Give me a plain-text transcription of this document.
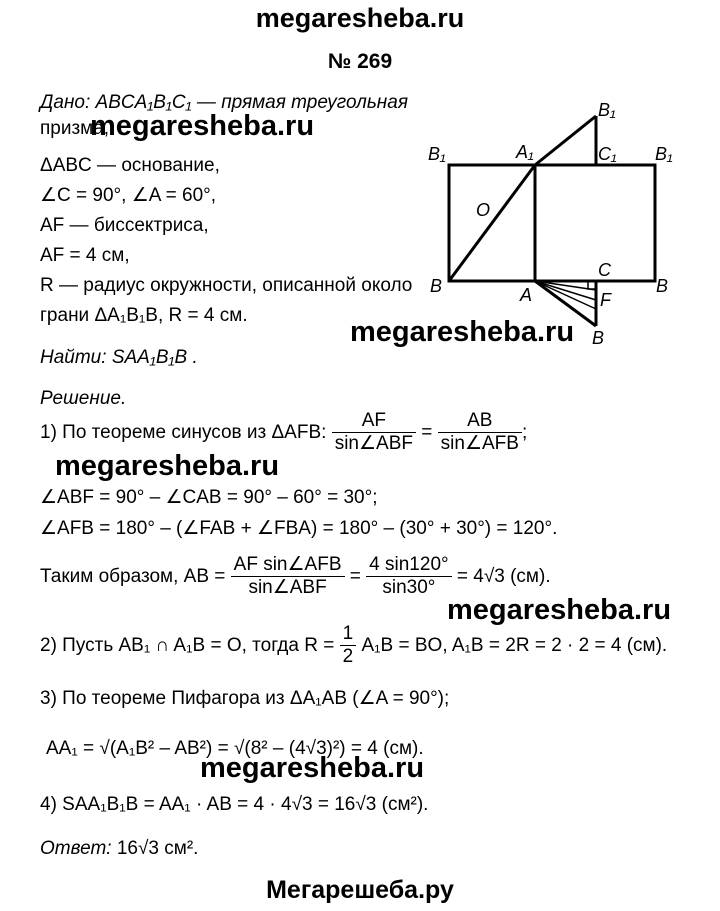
megaresheba.ru
№ 269
Дано: ABCA₁B₁C₁ — прямая треугольная
призма,
ΔABC — основание,
∠C = 90°, ∠A = 60°,
AF — биссектриса,
AF = 4 см,
R — радиус окружности, описанной около
грани ΔA₁B₁B, R = 4 см.
Найти: SAA₁B₁B .
Решение.
1) По теореме синусов из ΔAFB:
$\frac{AF}{\text{sin∠ABF}}$
=
$\frac{AB}{\text{sin∠AFB}}$ ;
∠ABF = 90° – ∠CAB = 90° – 60° = 30°;
∠AFB = 180° – (∠FAB + ∠FBA) = 180° – (30° + 30°) = 120°.
Таким образом, AB =
$\frac{\text{AF sin∠AFB}}{\text{sin∠ABF}}$
=
$\frac{4 \sin 120^\circ}{\sin 30^\circ}$
= 4√3 (см).
2) Пусть AB₁ ∩ A₁B = O, тогда R =
$\frac{1}{2}$
A₁B = BO, A₁B = 2R = 2 · 2 = 4 (см).
3) По теореме Пифагора из ΔA₁AB (∠A = 90°);
AA₁ = √(A₁B² – AB²) = √(8² – (4√3)²) = 4 (см).
4) SAA₁B₁B = AA₁ · AB = 4 · 4√3 = 16√3 (см²).
Ответ: 16√3 см².
Мегарешеба.ру
megaresheba.ru
megaresheba.ru
megaresheba.ru
megaresheba.ru
megaresheba.ru
B₁
A₁	C₁
B₁	B₁
O
B
C
B
A	F
B
